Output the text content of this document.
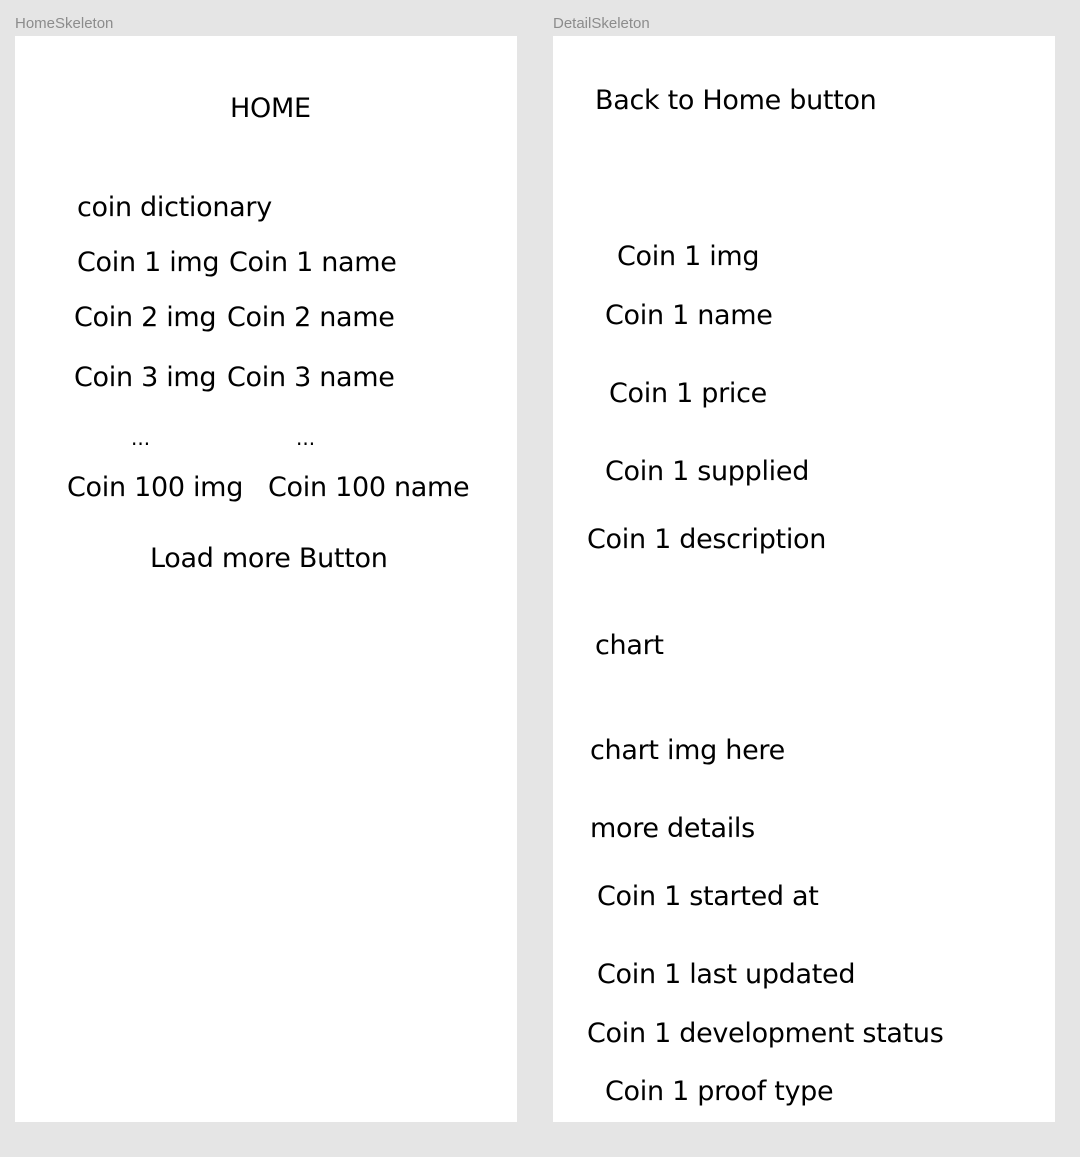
HomeSkeleton	DetailSkeleton
HOME
coin dictionary
Coin 1 img Coin 1 name
Coin 2 img Coin 2 name
Coin 3 img Coin 3 name
...	...
Coin 100 img Coin 100 name
Load more Button
Back to Home button
Coin 1 img
Coin 1 name
Coin 1 price
Coin 1 supplied
Coin 1 description
chart
chart img here
more details
Coin 1 started at
Coin 1 last updated
Coin 1 development status
Coin 1 proof type
